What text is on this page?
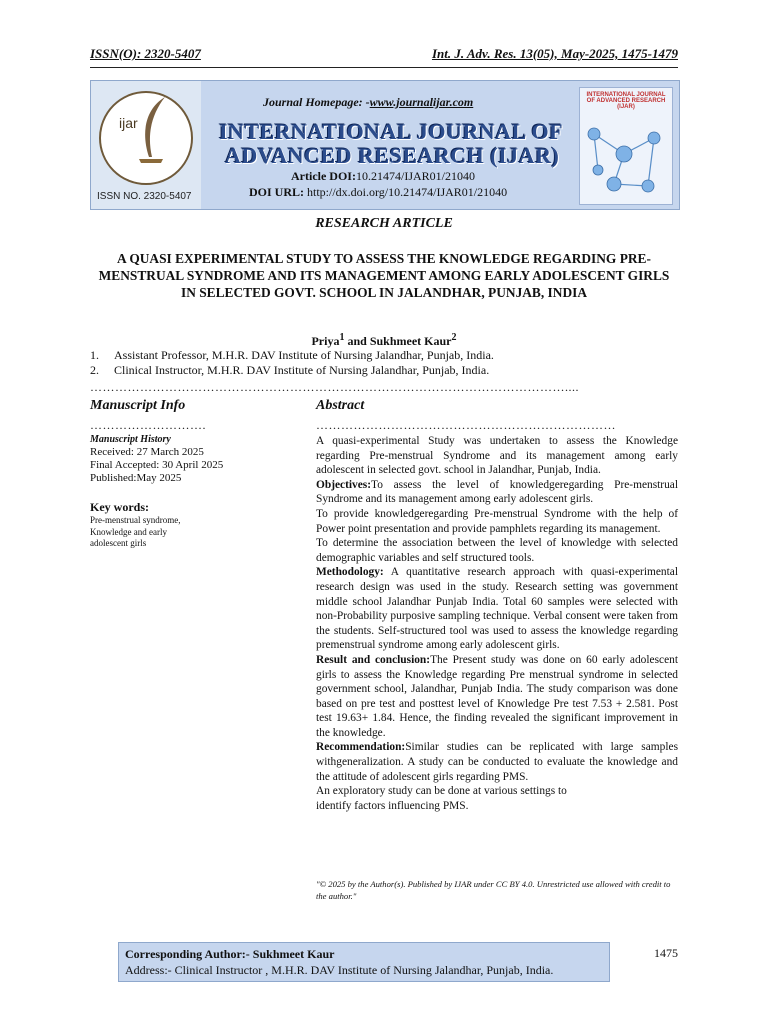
ISSN(O): 2320-5407	Int. J. Adv. Res. 13(05), May-2025, 1475-1479
ijar
ISSN NO. 2320-5407
Journal Homepage: -www.journalijar.com
INTERNATIONAL JOURNAL OF
ADVANCED RESEARCH (IJAR)
Article DOI:10.21474/IJAR01/21040
DOI URL: http://dx.doi.org/10.21474/IJAR01/21040
INTERNATIONAL JOURNAL OF ADVANCED RESEARCH (IJAR)
RESEARCH ARTICLE
A QUASI EXPERIMENTAL STUDY TO ASSESS THE KNOWLEDGE REGARDING PRE-MENSTRUAL SYNDROME AND ITS MANAGEMENT AMONG EARLY ADOLESCENT GIRLS IN SELECTED GOVT. SCHOOL IN JALANDHAR, PUNJAB, INDIA
Priya$^1$ and Sukhmeet Kaur$^2$
1.	Assistant Professor, M.H.R. DAV Institute of Nursing Jalandhar, Punjab, India.
2.	Clinical Instructor, M.H.R. DAV Institute of Nursing Jalandhar, Punjab, India.
……………………………………………………………………………………………………....
Manuscript Info
……………………….
Manuscript History
Received: 27 March 2025
Final Accepted: 30 April 2025
Published:May 2025
Key words:
Pre-menstrual syndrome, Knowledge and early adolescent girls
Abstract
………………………………………………………………

A quasi-experimental Study was undertaken to assess the Knowledge regarding Pre-menstrual Syndrome and its management among early adolescent in selected govt. school in Jalandhar, Punjab, India.

Objectives:To assess the level of knowledgeregarding Pre-menstrual Syndrome and its management among early adolescent girls.

To provide knowledgeregarding Pre-menstrual Syndrome with the help of Power point presentation and provide pamphlets regarding its management.

To determine the association between the level of knowledge with selected demographic variables and self structured tools.

Methodology: A quantitative research approach with quasi-experimental research design was used in the study. Research setting was government middle school Jalandhar Punjab India. Total 60 samples were selected with non-Probability purposive sampling technique. Verbal consent were taken from the students. Self-structured tool was used to assess the knowledge regarding premenstrual syndrome among early adolescent girls.

Result and conclusion:The Present study was done on 60 early adolescent girls to assess the Knowledge regarding Pre menstrual syndrome in selected government school, Jalandhar, Punjab India. The study comparison was done based on pre test and posttest level of Knowledge Pre test 7.53 + 2.581. Post test 19.63+ 1.84. Hence, the finding revealed the significant improvement in the knowledge.

Recommendation:Similar studies can be replicated with large samples withgeneralization. A study can be conducted to evaluate the knowledge and the attitude of adolescent girls regarding PMS.

An exploratory study can be done at various settings to

identify factors influencing PMS.

"© 2025 by the Author(s). Published by IJAR under CC BY 4.0. Unrestricted use allowed with credit to the author."
Corresponding Author:- Sukhmeet Kaur
Address:- Clinical Instructor , M.H.R. DAV Institute of Nursing Jalandhar, Punjab, India.
1475
